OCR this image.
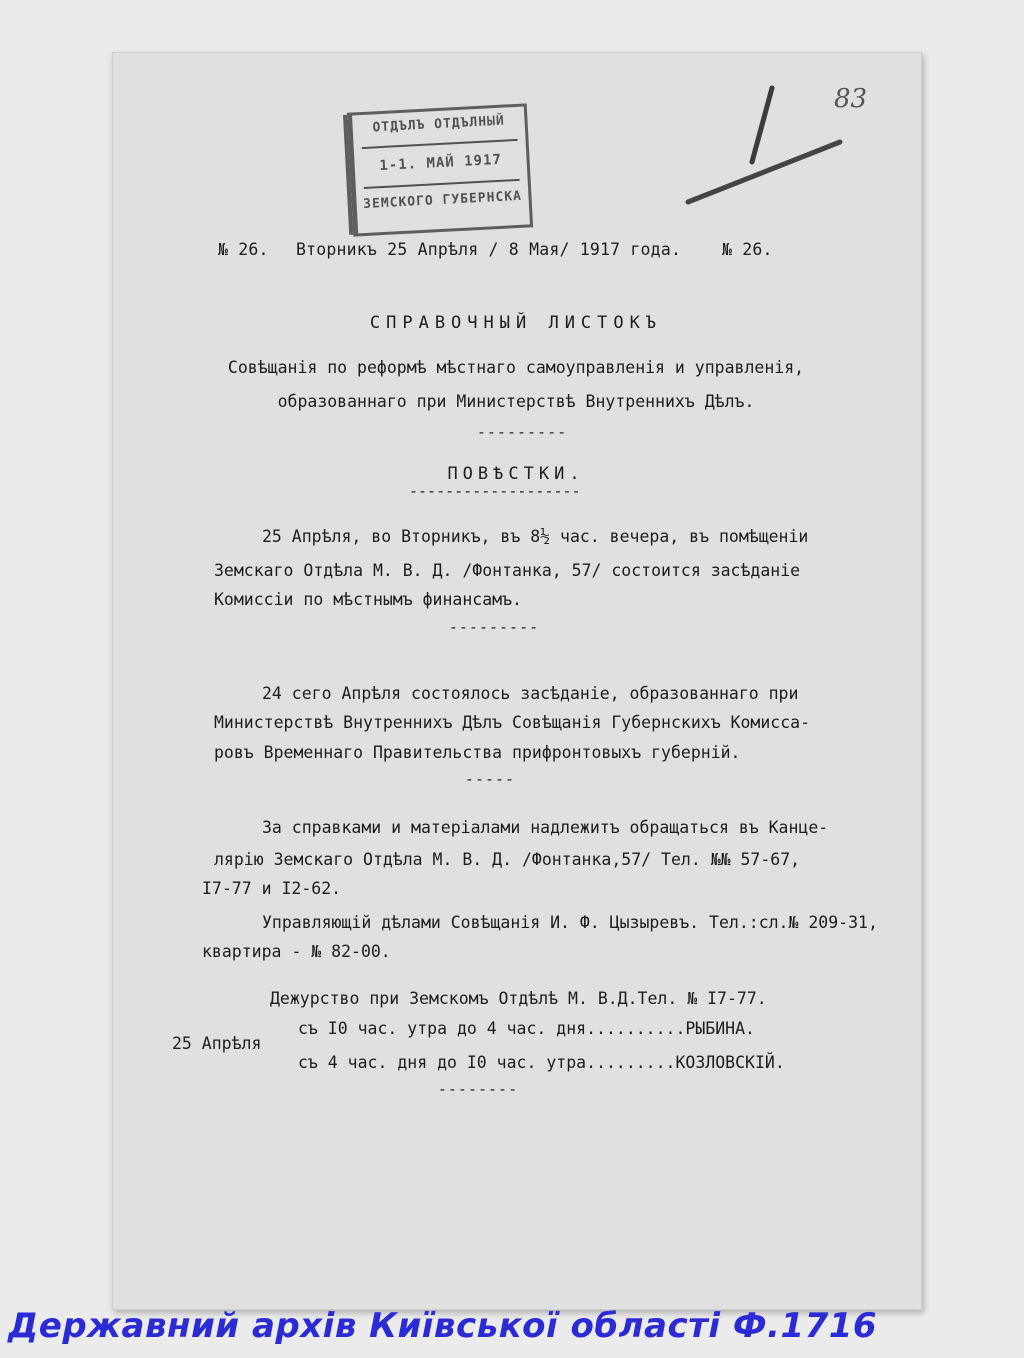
ОТДЪЛЪ ОТДЪЛНЫЙ
1-1. МАЙ 1917
ЗЕМСКОГО ГУБЕРНСКА
83
№ 26. Вторникъ 25 Апрѣля / 8 Мая/ 1917 года. № 26.
СПРАВОЧНЫЙ ЛИСТОКЪ
Совѣщанія по реформѣ мѣстнаго самоуправленія и управленія,
образованнаго при Министерствѣ Внутреннихъ Дѣлъ.
---------
ПОВѢСТКИ.
-------------------
25 Апрѣля, во Вторникъ, въ 8½ час. вечера, въ помѣщеніи
Земскаго Отдѣла М. В. Д. /Фонтанка, 57/ состоится засѣданіе
Комиссіи по мѣстнымъ финансамъ.
---------
24 сего Апрѣля состоялось засѣданіе, образованнаго при
Министерствѣ Внутреннихъ Дѣлъ Совѣщанія Губернскихъ Комиссa-
ровъ Временнаго Правительства прифронтовыхъ губерній.
-----
За справками и матеріалами надлежитъ обращаться въ Канце-
лярію Земскаго Отдѣла М. В. Д. /Фонтанка,57/ Тел. №№ 57-67,
I7-77 и I2-62.
Управляющій дѣлами Совѣщанія И. Ф. Цызыревъ. Тел.:сл.№ 209-31,
квартира - № 82-00.
Дежурство при Земскомъ Отдѣлѣ М. В.Д.Тел. № I7-77.
25 Апрѣля
съ I0 час. утра до 4 час. дня..........РЫБИНА.
съ 4 час. дня до I0 час. утра.........КОЗЛОВСКІЙ.
--------
Державний архів Київської області Ф.1716
